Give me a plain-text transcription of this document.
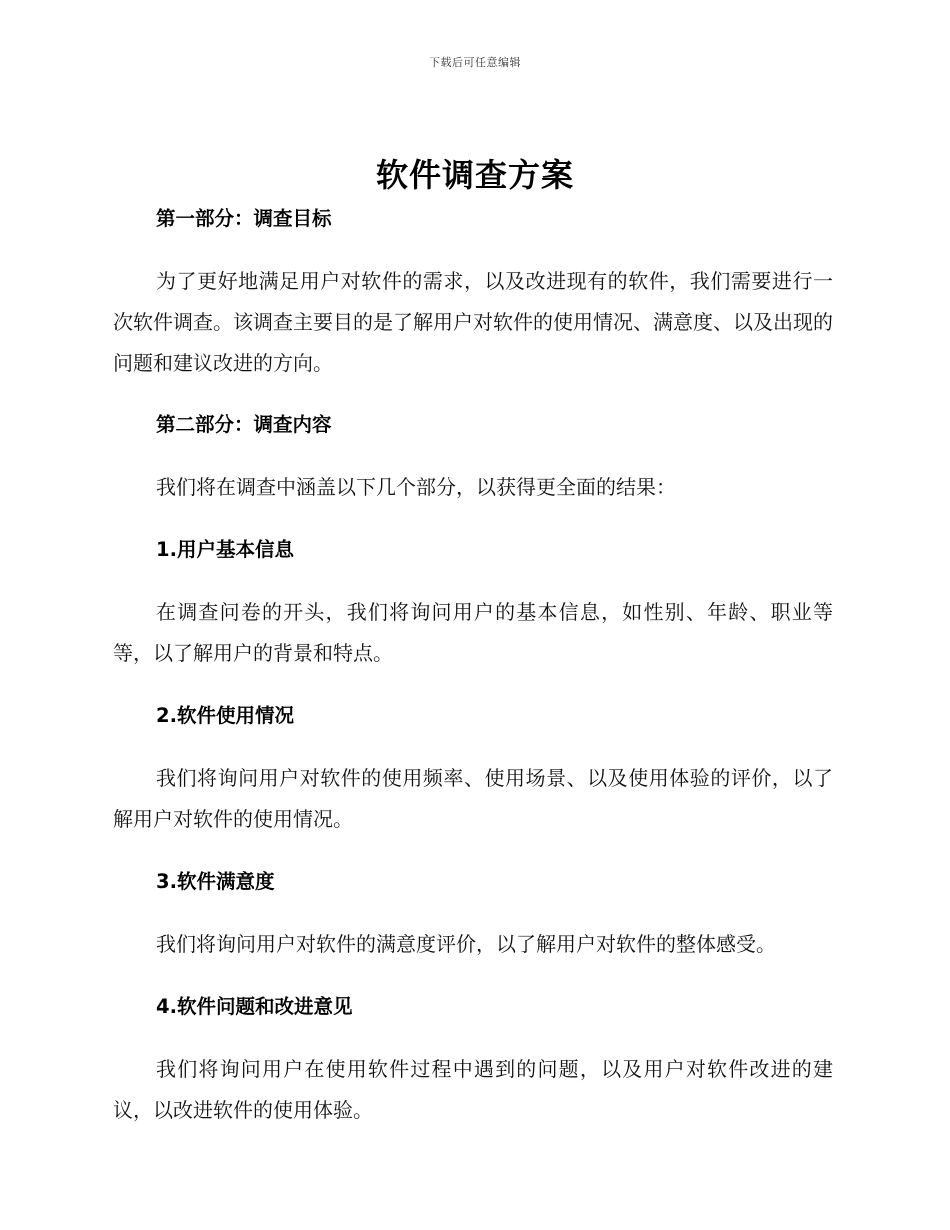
下载后可任意编辑
软件调查方案

第一部分：调查目标

为了更好地满足用户对软件的需求，以及改进现有的软件，我们需要进行一次软件调查。该调查主要目的是了解用户对软件的使用情况、满意度、以及出现的问题和建议改进的方向。

第二部分：调查内容

我们将在调查中涵盖以下几个部分，以获得更全面的结果：

1.用户基本信息

在调查问卷的开头，我们将询问用户的基本信息，如性别、年龄、职业等等，以了解用户的背景和特点。

2.软件使用情况

我们将询问用户对软件的使用频率、使用场景、以及使用体验的评价，以了解用户对软件的使用情况。

3.软件满意度

我们将询问用户对软件的满意度评价，以了解用户对软件的整体感受。

4.软件问题和改进意见

我们将询问用户在使用软件过程中遇到的问题，以及用户对软件改进的建议，以改进软件的使用体验。
